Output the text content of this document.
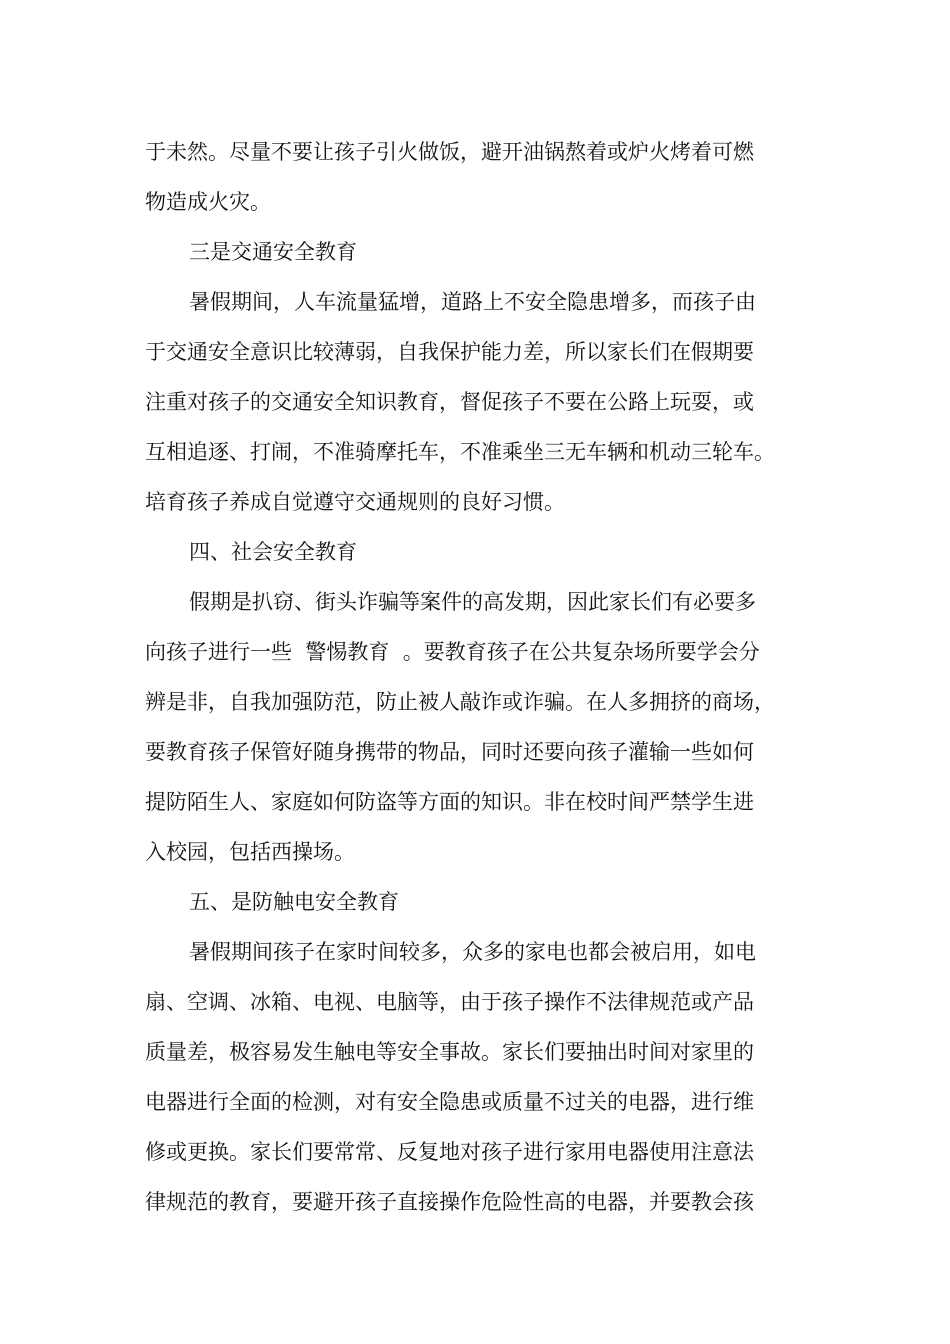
于未然。尽量不要让孩子引火做饭，避开油锅熬着或炉火烤着可燃
物造成火灾。
三是交通安全教育
暑假期间，人车流量猛增，道路上不安全隐患增多，而孩子由
于交通安全意识比较薄弱，自我保护能力差，所以家长们在假期要
注重对孩子的交通安全知识教育，督促孩子不要在公路上玩耍，或
互相追逐、打闹，不准骑摩托车，不准乘坐三无车辆和机动三轮车。
培育孩子养成自觉遵守交通规则的良好习惯。
四、社会安全教育
假期是扒窃、街头诈骗等案件的高发期，因此家长们有必要多
向孩子进行一些  警惕教育  。要教育孩子在公共复杂场所要学会分
辨是非，自我加强防范，防止被人敲诈或诈骗。在人多拥挤的商场，
要教育孩子保管好随身携带的物品，同时还要向孩子灌输一些如何
提防陌生人、家庭如何防盗等方面的知识。非在校时间严禁学生进
入校园，包括西操场。
五、是防触电安全教育
暑假期间孩子在家时间较多，众多的家电也都会被启用，如电
扇、空调、冰箱、电视、电脑等，由于孩子操作不法律规范或产品
质量差，极容易发生触电等安全事故。家长们要抽出时间对家里的
电器进行全面的检测，对有安全隐患或质量不过关的电器，进行维
修或更换。家长们要常常、反复地对孩子进行家用电器使用注意法
律规范的教育，要避开孩子直接操作危险性高的电器，并要教会孩
